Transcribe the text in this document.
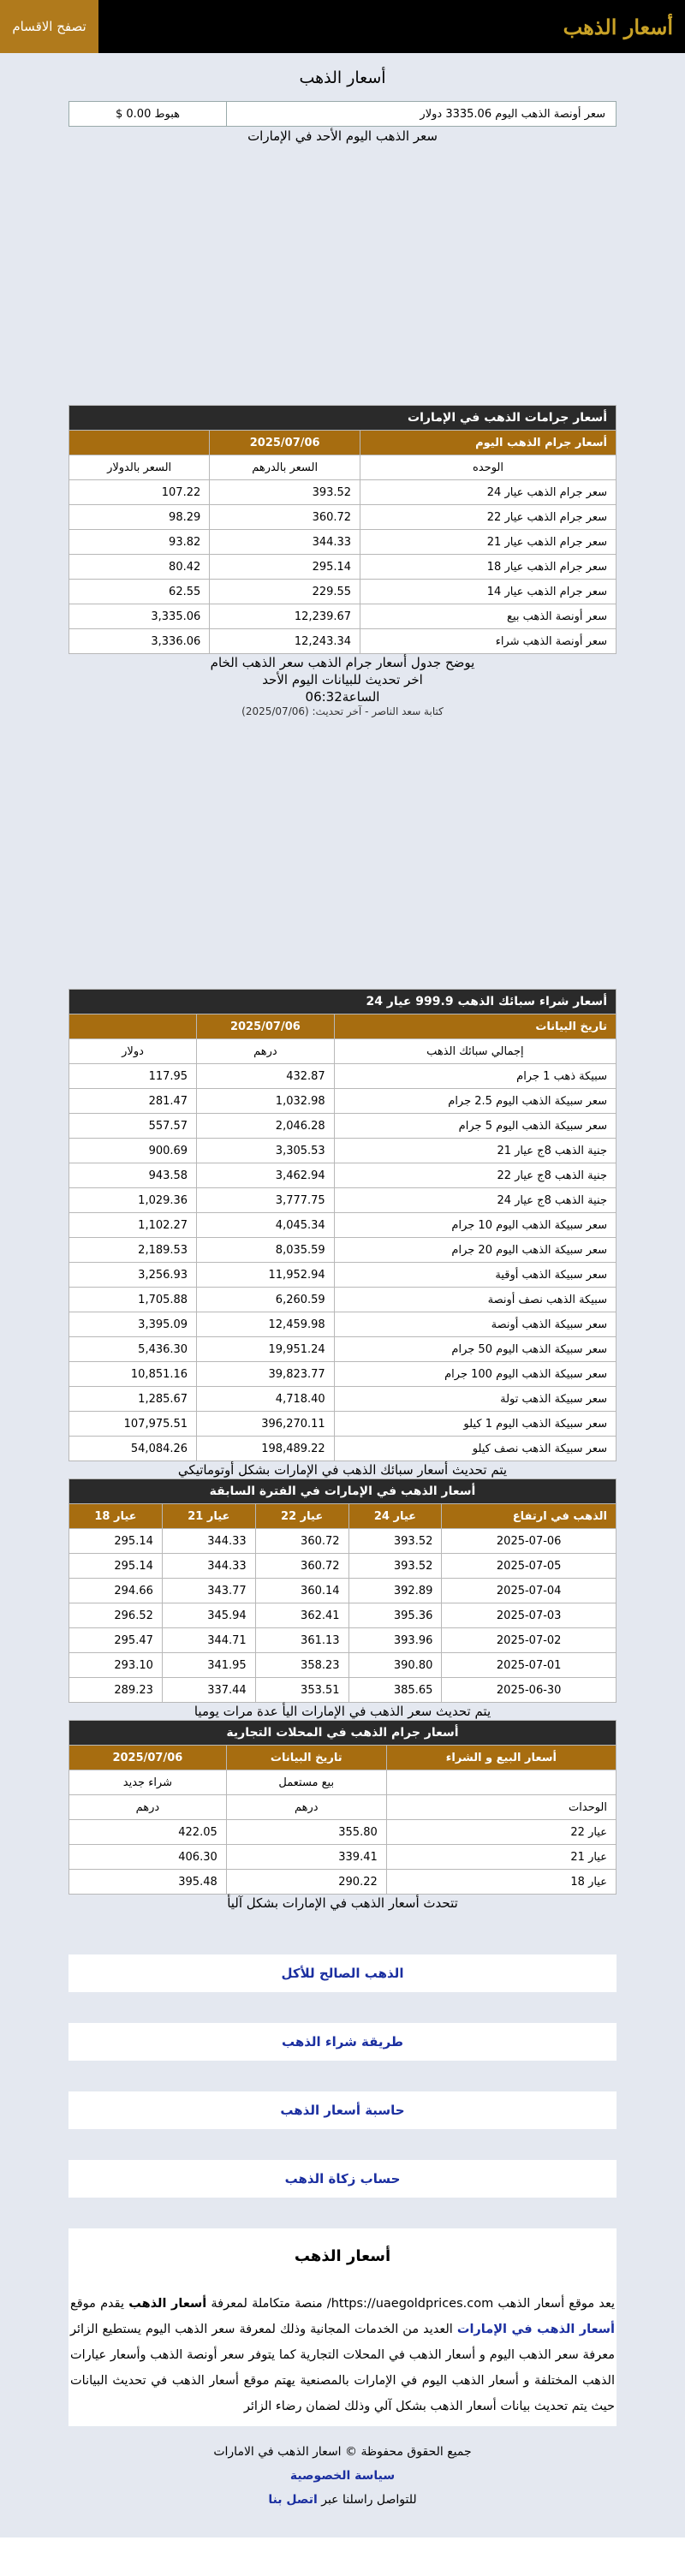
أسعار الذهب
تصفح الاقسام
أسعار الذهب
سعر أونصة الذهب اليوم 3335.06 دولار
هبوط 0.00 $
سعر الذهب اليوم الأحد في الإمارات
أسعار جرامات الذهب في الإمارات		
أسعار جرام الذهب اليوم	2025/07/06	
الوحده	السعر بالدرهم	السعر بالدولار
سعر جرام الذهب عيار 24	393.52	107.22
سعر جرام الذهب عيار 22	360.72	98.29
سعر جرام الذهب عيار 21	344.33	93.82
سعر جرام الذهب عيار 18	295.14	80.42
سعر جرام الذهب عيار 14	229.55	62.55
سعر أونصة الذهب بيع	12,239.67	3,335.06
سعر أونصة الذهب شراء	12,243.34	3,336.06
يوضح جدول أسعار جرام الذهب سعر الذهب الخام
اخر تحديث للبيانات اليوم الأحد
الساعة06:32
كتابة سعد الناصر - آخر تحديث: (2025/07/06)
أسعار شراء سبائك الذهب 999.9 عيار 24		
تاريخ البيانات	2025/07/06	
إجمالي سبائك الذهب	درهم	دولار
سبيكة ذهب 1 جرام	432.87	117.95
سعر سبيكة الذهب اليوم 2.5 جرام	1,032.98	281.47
سعر سبيكة الذهب اليوم 5 جرام	2,046.28	557.57
جنية الذهب 8ج عيار 21	3,305.53	900.69
جنية الذهب 8ج عيار 22	3,462.94	943.58
جنية الذهب 8ج عيار 24	3,777.75	1,029.36
سعر سبيكة الذهب اليوم 10 جرام	4,045.34	1,102.27
سعر سبيكة الذهب اليوم 20 جرام	8,035.59	2,189.53
سعر سبيكة الذهب أوقية	11,952.94	3,256.93
سبيكة الذهب نصف أونصة	6,260.59	1,705.88
سعر سبيكة الذهب أونصة	12,459.98	3,395.09
سعر سبيكة الذهب اليوم 50 جرام	19,951.24	5,436.30
سعر سبيكة الذهب اليوم 100 جرام	39,823.77	10,851.16
سعر سبيكة الذهب تولة	4,718.40	1,285.67
سعر سبيكة الذهب اليوم 1 كيلو	396,270.11	107,975.51
سعر سبيكة الذهب نصف كيلو	198,489.22	54,084.26
يتم تحديث أسعار سبائك الذهب في الإمارات بشكل أوتوماتيكي
أسعار الذهب في الإمارات في الفترة السابقة				
الذهب في ارتفاع	عيار 24	عيار 22	عيار 21	عيار 18
2025-07-06	393.52	360.72	344.33	295.14
2025-07-05	393.52	360.72	344.33	295.14
2025-07-04	392.89	360.14	343.77	294.66
2025-07-03	395.36	362.41	345.94	296.52
2025-07-02	393.96	361.13	344.71	295.47
2025-07-01	390.80	358.23	341.95	293.10
2025-06-30	385.65	353.51	337.44	289.23
يتم تحديث سعر الذهب في الإمارات اليأ عدة مرات يوميا
أسعار جرام الذهب في المحلات التجارية		
أسعار البيع و الشراء	تاريخ البيانات	2025/07/06
	بيع مستعمل	شراء جديد
الوحدات	درهم	درهم
عيار 22	355.80	422.05
عيار 21	339.41	406.30
عيار 18	290.22	395.48
تتحدث أسعار الذهب في الإمارات بشكل آليأ
الذهب الصالح للأكل
طريقة شراء الذهب
حاسبة أسعار الذهب
حساب زكاة الذهب
أسعار الذهب

يعد موقع أسعار الذهب https://uaegoldprices.com/ منصة متكاملة لمعرفة أسعار الذهب يقدم موقع أسعار الذهب في الإمارات العديد من الخدمات المجانية وذلك لمعرفة سعر الذهب اليوم يستطيع الزائر معرفة سعر الذهب اليوم و أسعار الذهب في المحلات التجارية كما يتوفر سعر أونصة الذهب وأسعار عيارات الذهب المختلفة و أسعار الذهب اليوم في الإمارات بالمصنعية يهتم موقع أسعار الذهب في تحديث البيانات حيث يتم تحديث بيانات أسعار الذهب بشكل آلي وذلك لضمان رضاء الزائر

جميع الحقوق محفوظة © اسعار الذهب في الامارات
سياسة الخصوصية
للتواصل راسلنا عبر اتصل بنا
